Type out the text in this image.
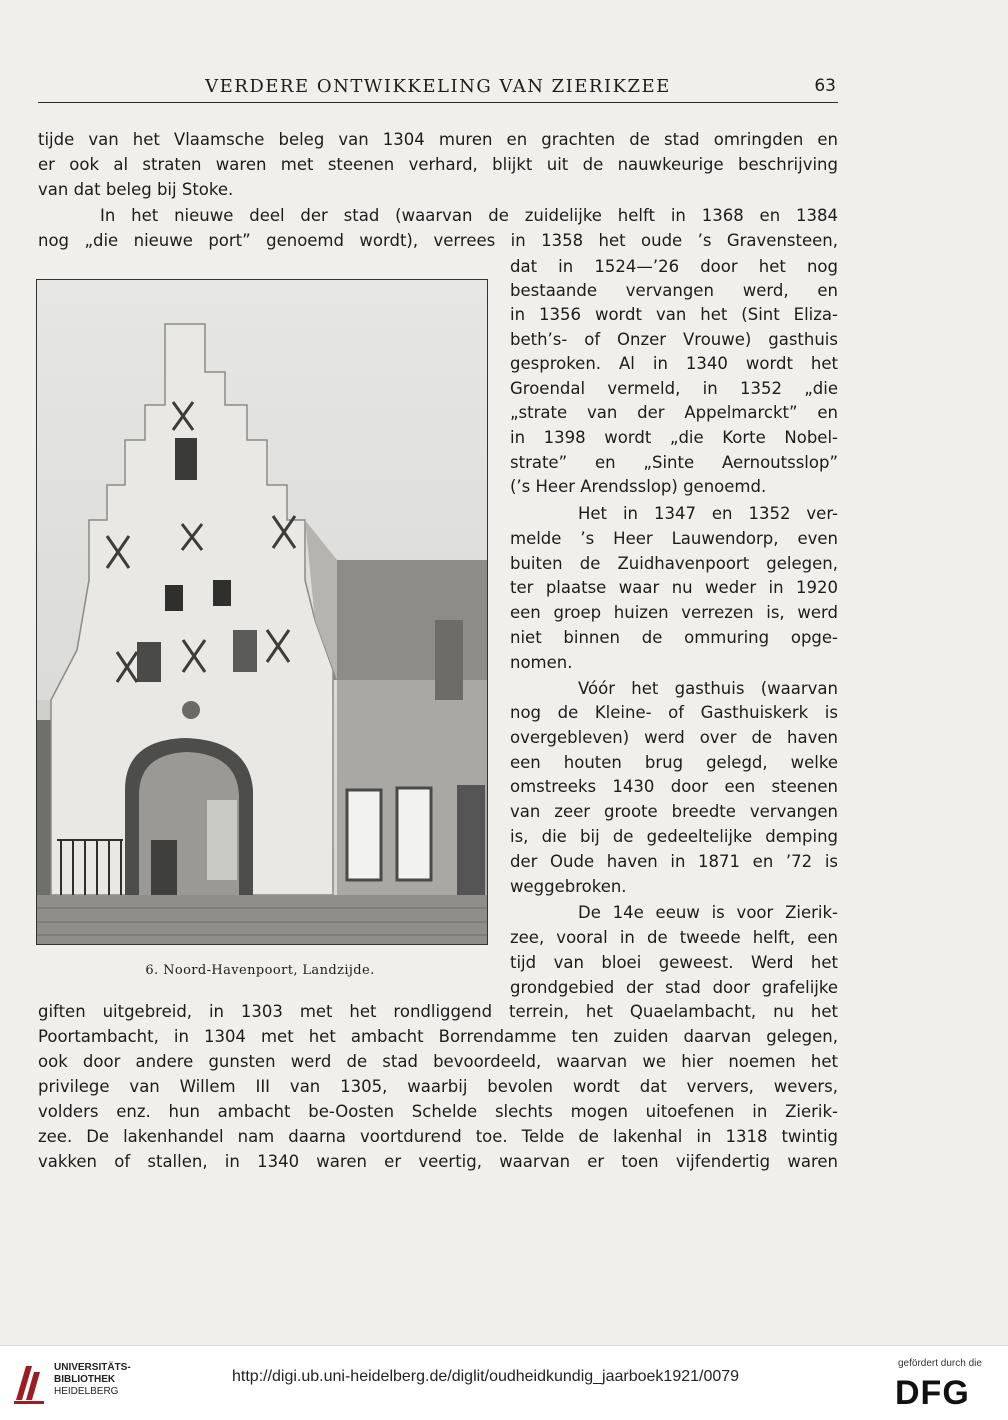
VERDERE ONTWIKKELING VAN ZIERIKZEE	63
tijde van het Vlaamsche beleg van 1304 muren en grachten de stad omringden en
er ook al straten waren met steenen verhard, blijkt uit de nauwkeurige beschrijving
van dat beleg bij Stoke.
In het nieuwe deel der stad (waarvan de zuidelijke helft in 1368 en 1384
nog „die nieuwe port” genoemd wordt), verrees in 1358 het oude ’s Gravensteen,
dat in 1524—’26 door het nog
bestaande vervangen werd, en
in 1356 wordt van het (Sint Eliza-
beth’s- of Onzer Vrouwe) gasthuis
gesproken. Al in 1340 wordt het
Groendal vermeld, in 1352 „die
„strate van der Appelmarckt” en
in 1398 wordt „die Korte Nobel-
strate” en „Sinte Aernoutsslop”
(’s Heer Arendsslop) genoemd.
Het in 1347 en 1352 ver-
melde ’s Heer Lauwendorp, even
buiten de Zuidhavenpoort gelegen,
ter plaatse waar nu weder in 1920
een groep huizen verrezen is, werd
niet binnen de ommuring opge-
nomen.
Vóór het gasthuis (waarvan
nog de Kleine- of Gasthuiskerk is
overgebleven) werd over de haven
een houten brug gelegd, welke
omstreeks 1430 door een steenen
van zeer groote breedte vervangen
is, die bij de gedeeltelijke demping
der Oude haven in 1871 en ’72 is
weggebroken.
De 14e eeuw is voor Zierik-
zee, vooral in de tweede helft, een
tijd van bloei geweest. Werd het
grondgebied der stad door grafelijke
giften uitgebreid, in 1303 met het rondliggend terrein, het Quaelambacht, nu het
Poortambacht, in 1304 met het ambacht Borrendamme ten zuiden daarvan gelegen,
ook door andere gunsten werd de stad bevoordeeld, waarvan we hier noemen het
privilege van Willem III van 1305, waarbij bevolen wordt dat ververs, wevers,
volders enz. hun ambacht be-Oosten Schelde slechts mogen uitoefenen in Zierik-
zee. De lakenhandel nam daarna voortdurend toe. Telde de lakenhal in 1318 twintig
vakken of stallen, in 1340 waren er veertig, waarvan er toen vijfendertig waren
6. Noord-Havenpoort, Landzijde.
UNIVERSITÄTS-
BIBLIOTHEK
HEIDELBERG
http://digi.ub.uni-heidelberg.de/diglit/oudheidkundig_jaarboek1921/0079
gefördert durch die
DFG
